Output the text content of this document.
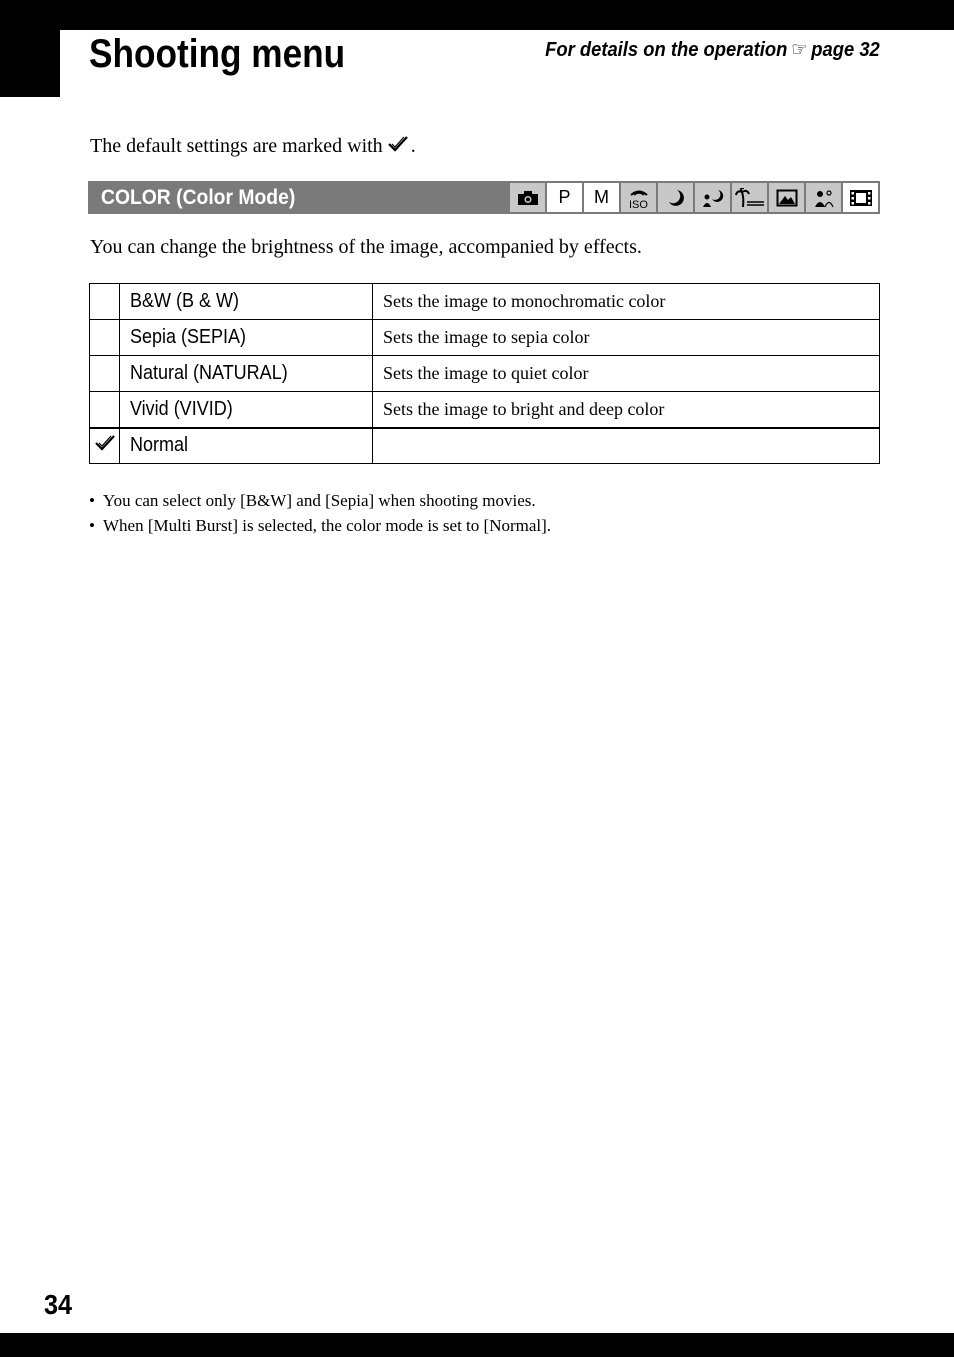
Shooting menu	For details on the operation ☞ page 32
The default settings are marked with .
COLOR (Color Mode)	P M ISO
You can change the brightness of the image, accompanied by effects.
	B&W (B & W)	Sets the image to monochromatic color
	Sepia (SEPIA)	Sets the image to sepia color
	Natural (NATURAL)	Sets the image to quiet color
	Vivid (VIVID)	Sets the image to bright and deep color
	Normal	
• You can select only [B&W] and [Sepia] when shooting movies.
• When [Multi Burst] is selected, the color mode is set to [Normal].
34
